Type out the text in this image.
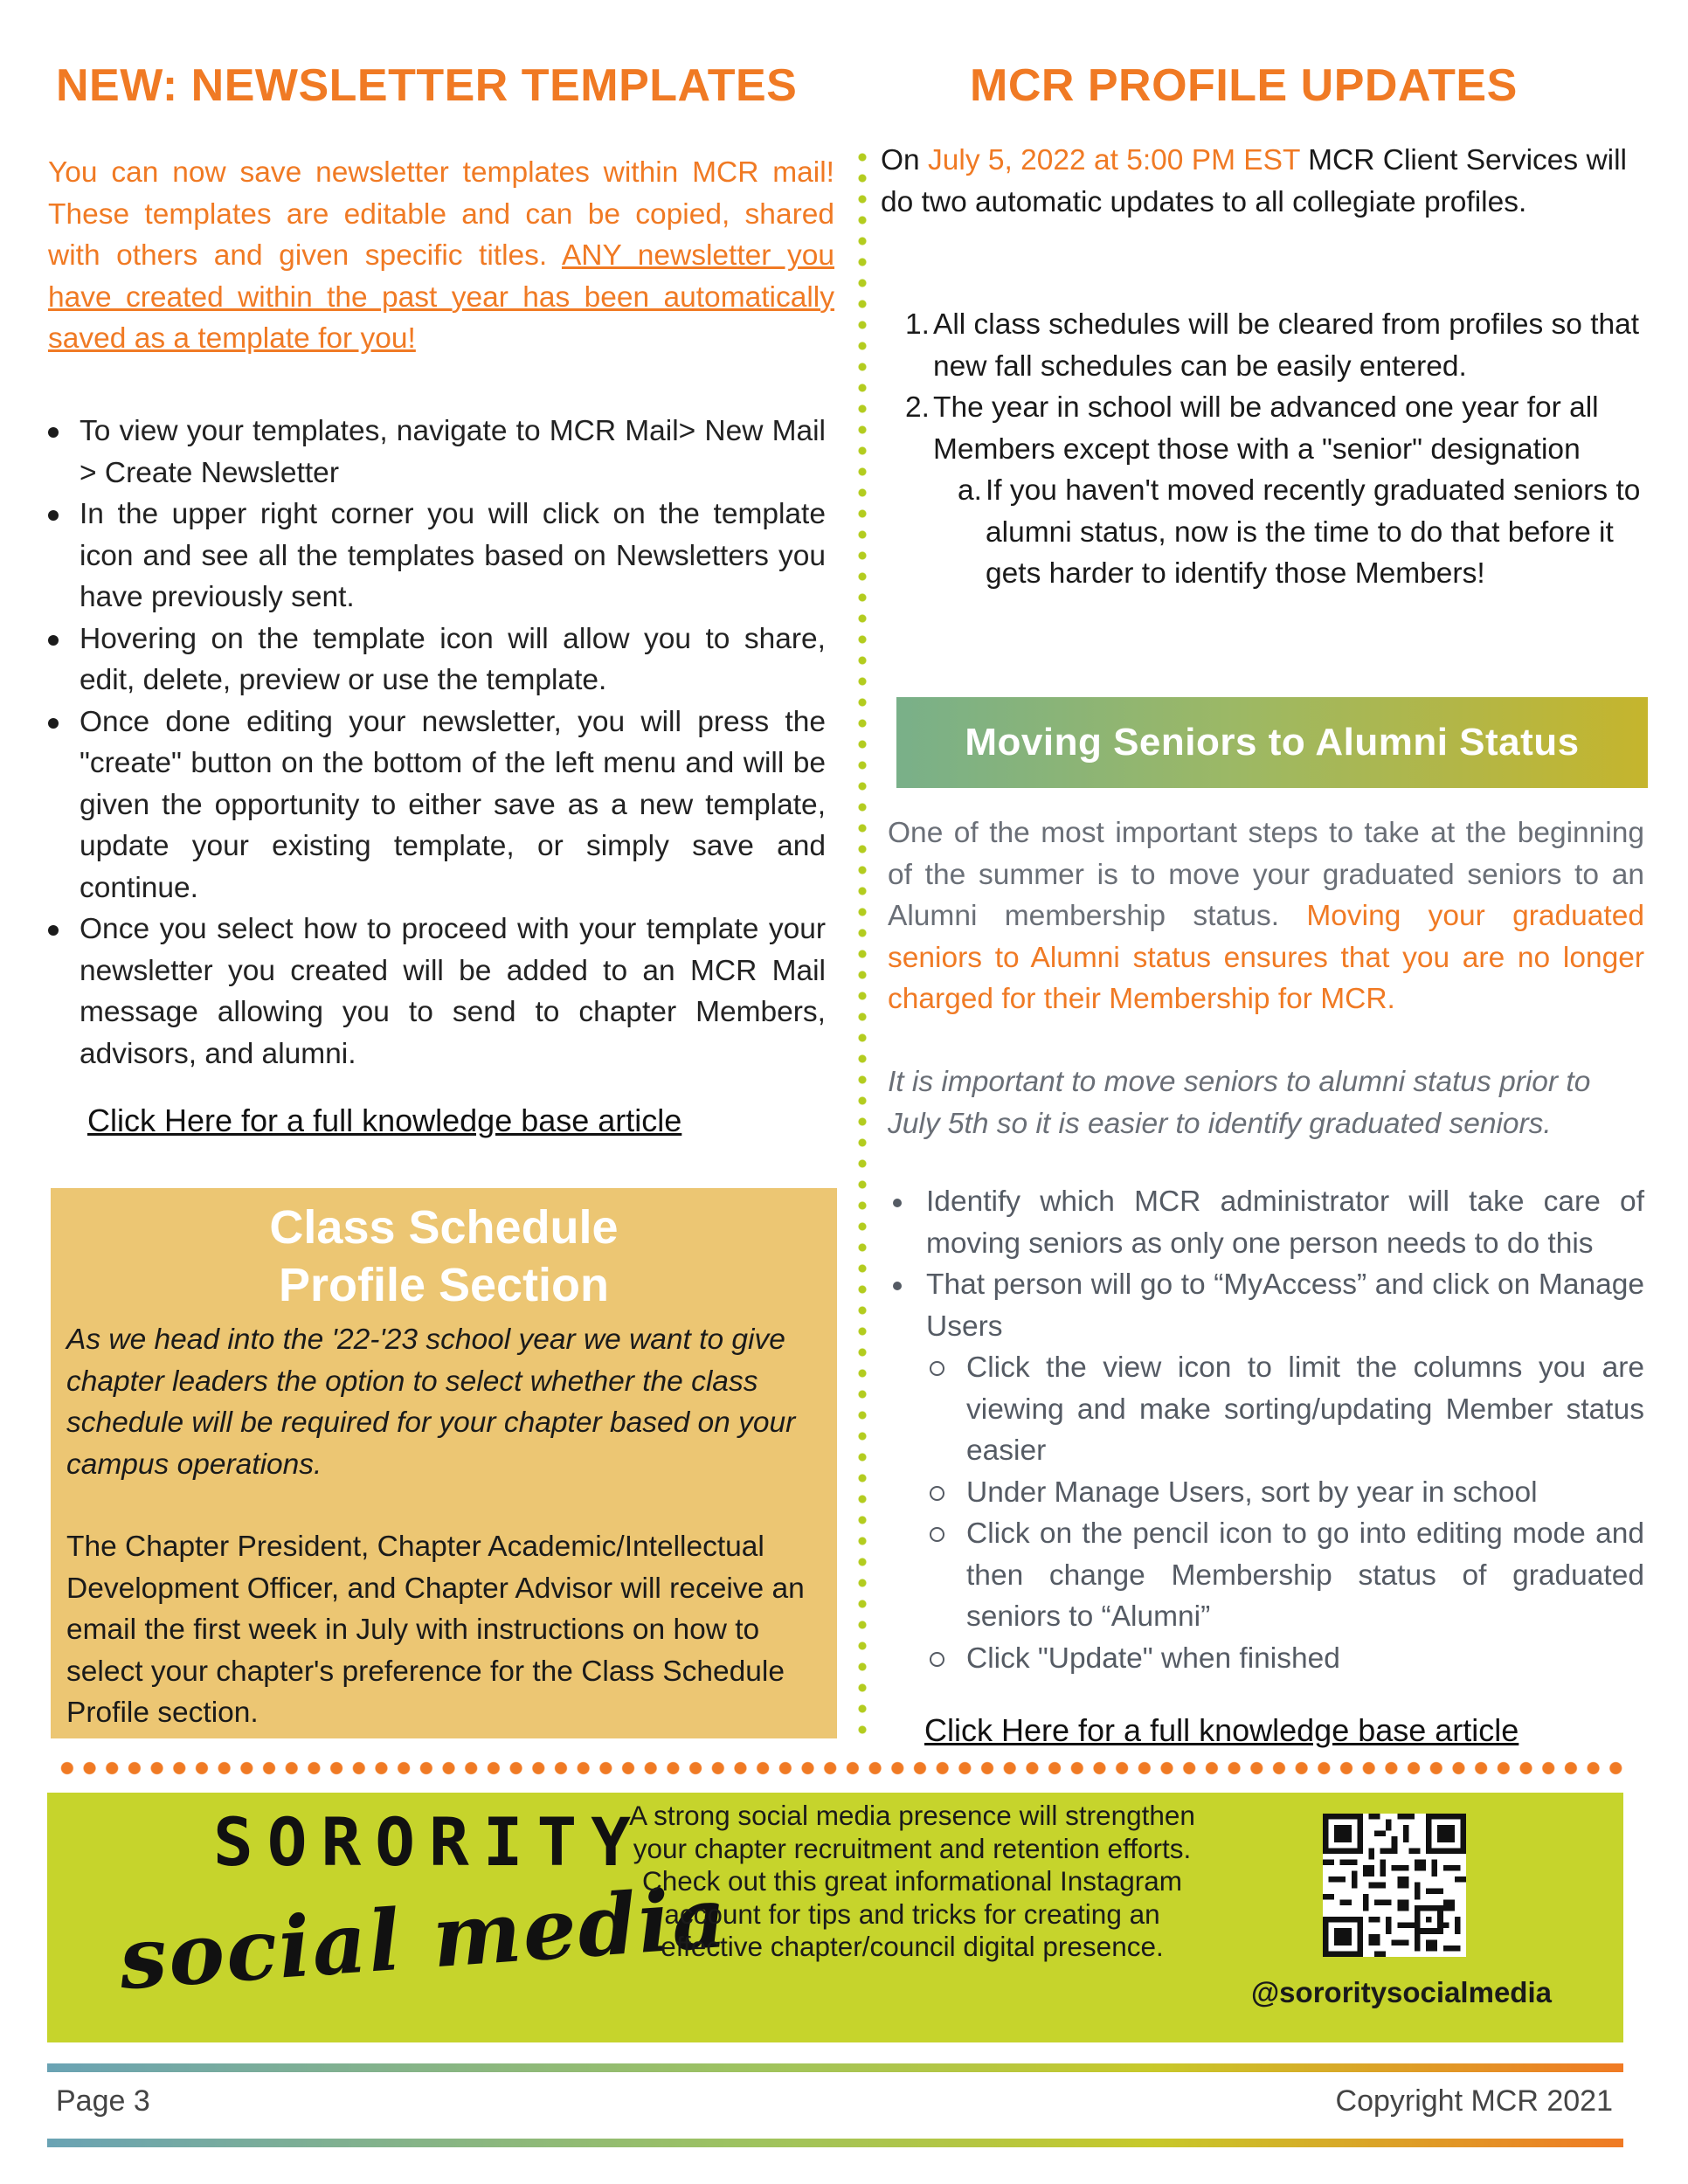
NEW: NEWSLETTER TEMPLATES	MCR PROFILE UPDATES
You can now save newsletter templates within MCR mail! These templates are editable and can be copied, shared with others and given specific titles. ANY newsletter you have created within the past year has been automatically saved as a template for you!
To view your templates, navigate to MCR Mail> New Mail > Create Newsletter
In the upper right corner you will click on the template icon and see all the templates based on Newsletters you have previously sent.
Hovering on the template icon will allow you to share, edit, delete, preview or use the template.
Once done editing your newsletter, you will press the "create" button on the bottom of the left menu and will be given the opportunity to either save as a new template, update your existing template, or simply save and continue.
Once you select how to proceed with your template your newsletter you created will be added to an MCR Mail message allowing you to send to chapter Members, advisors, and alumni.
Click Here for a full knowledge base article
Class Schedule
Profile Section
As we head into the '22-'23 school year we want to give chapter leaders the option to select whether the class schedule will be required for your chapter based on your campus operations.
The Chapter President, Chapter Academic/Intellectual Development Officer, and Chapter Advisor will receive an email the first week in July with instructions on how to select your chapter's preference for the Class Schedule Profile section.
On July 5, 2022 at 5:00 PM EST MCR Client Services will do two automatic updates to all collegiate profiles.
1. All class schedules will be cleared from profiles so that new fall schedules can be easily entered.
2. The year in school will be advanced one year for all Members except those with a "senior" designation
a. If you haven't moved recently graduated seniors to alumni status, now is the time to do that before it gets harder to identify those Members!
Moving Seniors to Alumni Status
One of the most important steps to take at the beginning of the summer is to move your graduated seniors to an Alumni membership status. Moving your graduated seniors to Alumni status ensures that you are no longer charged for their Membership for MCR.
It is important to move seniors to alumni status prior to July 5th so it is easier to identify graduated seniors.
Identify which MCR administrator will take care of moving seniors as only one person needs to do this
That person will go to “MyAccess” and click on Manage Users
Click the view icon to limit the columns you are viewing and make sorting/updating Member status easier
Under Manage Users, sort by year in school
Click on the pencil icon to go into editing mode and then change Membership status of graduated seniors to “Alumni”
Click "Update" when finished
Click Here for a full knowledge base article
SORORITY
social media
A strong social media presence will strengthen your chapter recruitment and retention efforts. Check out this great informational Instagram account for tips and tricks for creating an effective chapter/council digital presence.
@sororitysocialmedia
Page 3	Copyright MCR 2021
